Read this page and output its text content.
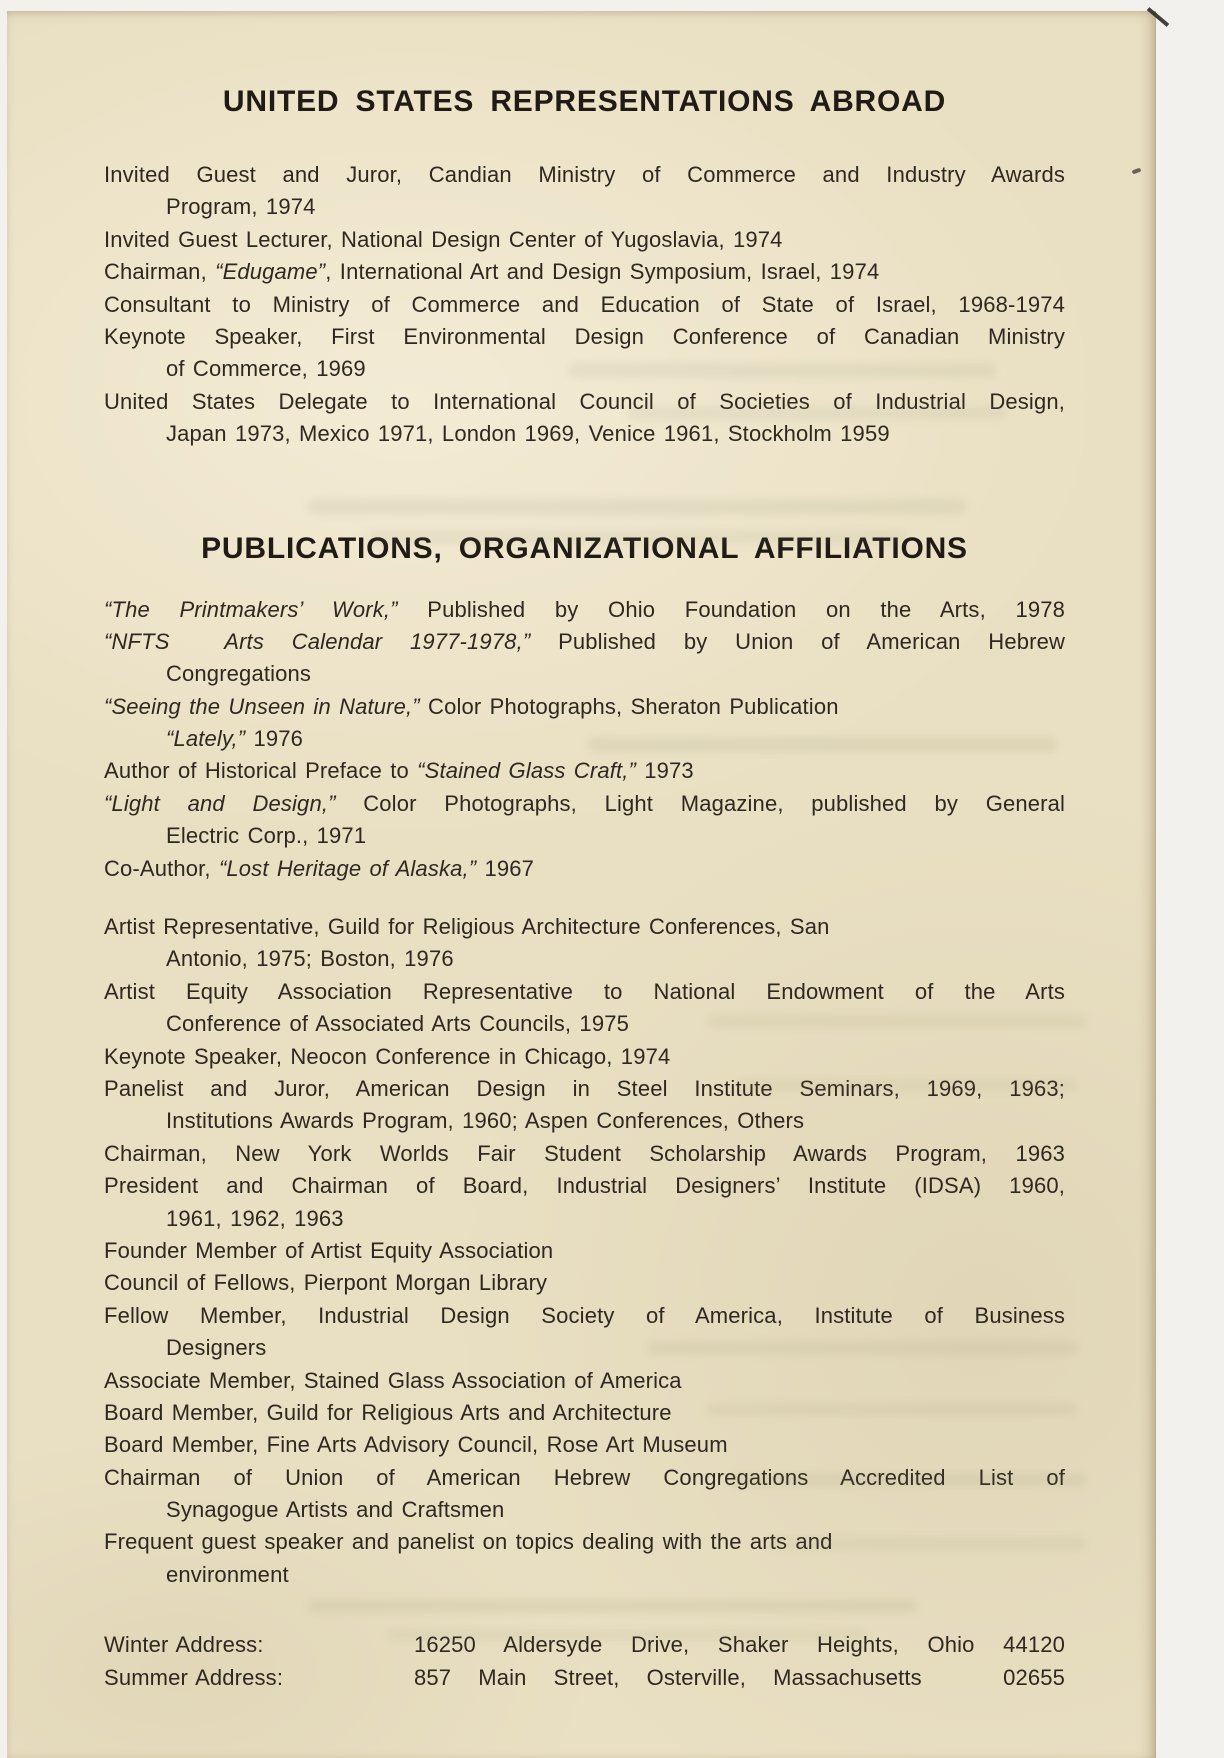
UNITED STATES REPRESENTATIONS ABROAD
Invited Guest and Juror, Candian Ministry of Commerce and Industry Awards
Program, 1974
Invited Guest Lecturer, National Design Center of Yugoslavia, 1974
Chairman, “Edugame”, International Art and Design Symposium, Israel, 1974
Consultant to Ministry of Commerce and Education of State of Israel, 1968-1974
Keynote Speaker, First Environmental Design Conference of Canadian Ministry
of Commerce, 1969
United States Delegate to International Council of Societies of Industrial Design,
Japan 1973, Mexico 1971, London 1969, Venice 1961, Stockholm 1959
PUBLICATIONS, ORGANIZATIONAL AFFILIATIONS
“The Printmakers’ Work,” Published by Ohio Foundation on the Arts, 1978
“NFTS  Arts Calendar 1977-1978,” Published by Union of American Hebrew
Congregations
“Seeing the Unseen in Nature,” Color Photographs, Sheraton Publication
“Lately,” 1976
Author of Historical Preface to “Stained Glass Craft,” 1973
“Light and Design,” Color Photographs, Light Magazine, published by General
Electric Corp., 1971
Co-Author, “Lost Heritage of Alaska,” 1967
Artist Representative, Guild for Religious Architecture Conferences, San
Antonio, 1975; Boston, 1976
Artist Equity Association Representative to National Endowment of the Arts
Conference of Associated Arts Councils, 1975
Keynote Speaker, Neocon Conference in Chicago, 1974
Panelist and Juror, American Design in Steel Institute Seminars, 1969, 1963;
Institutions Awards Program, 1960; Aspen Conferences, Others
Chairman, New York Worlds Fair Student Scholarship Awards Program, 1963
President and Chairman of Board, Industrial Designers’ Institute (IDSA) 1960,
1961, 1962, 1963
Founder Member of Artist Equity Association
Council of Fellows, Pierpont Morgan Library
Fellow Member, Industrial Design Society of America, Institute of Business
Designers
Associate Member, Stained Glass Association of America
Board Member, Guild for Religious Arts and Architecture
Board Member, Fine Arts Advisory Council, Rose Art Museum
Chairman of Union of American Hebrew Congregations Accredited List of
Synagogue Artists and Craftsmen
Frequent guest speaker and panelist on topics dealing with the arts and
environment
Winter Address:	16250 Aldersyde Drive, Shaker Heights, Ohio 44120
Summer Address:	857 Main Street, Osterville, Massachusetts   02655
